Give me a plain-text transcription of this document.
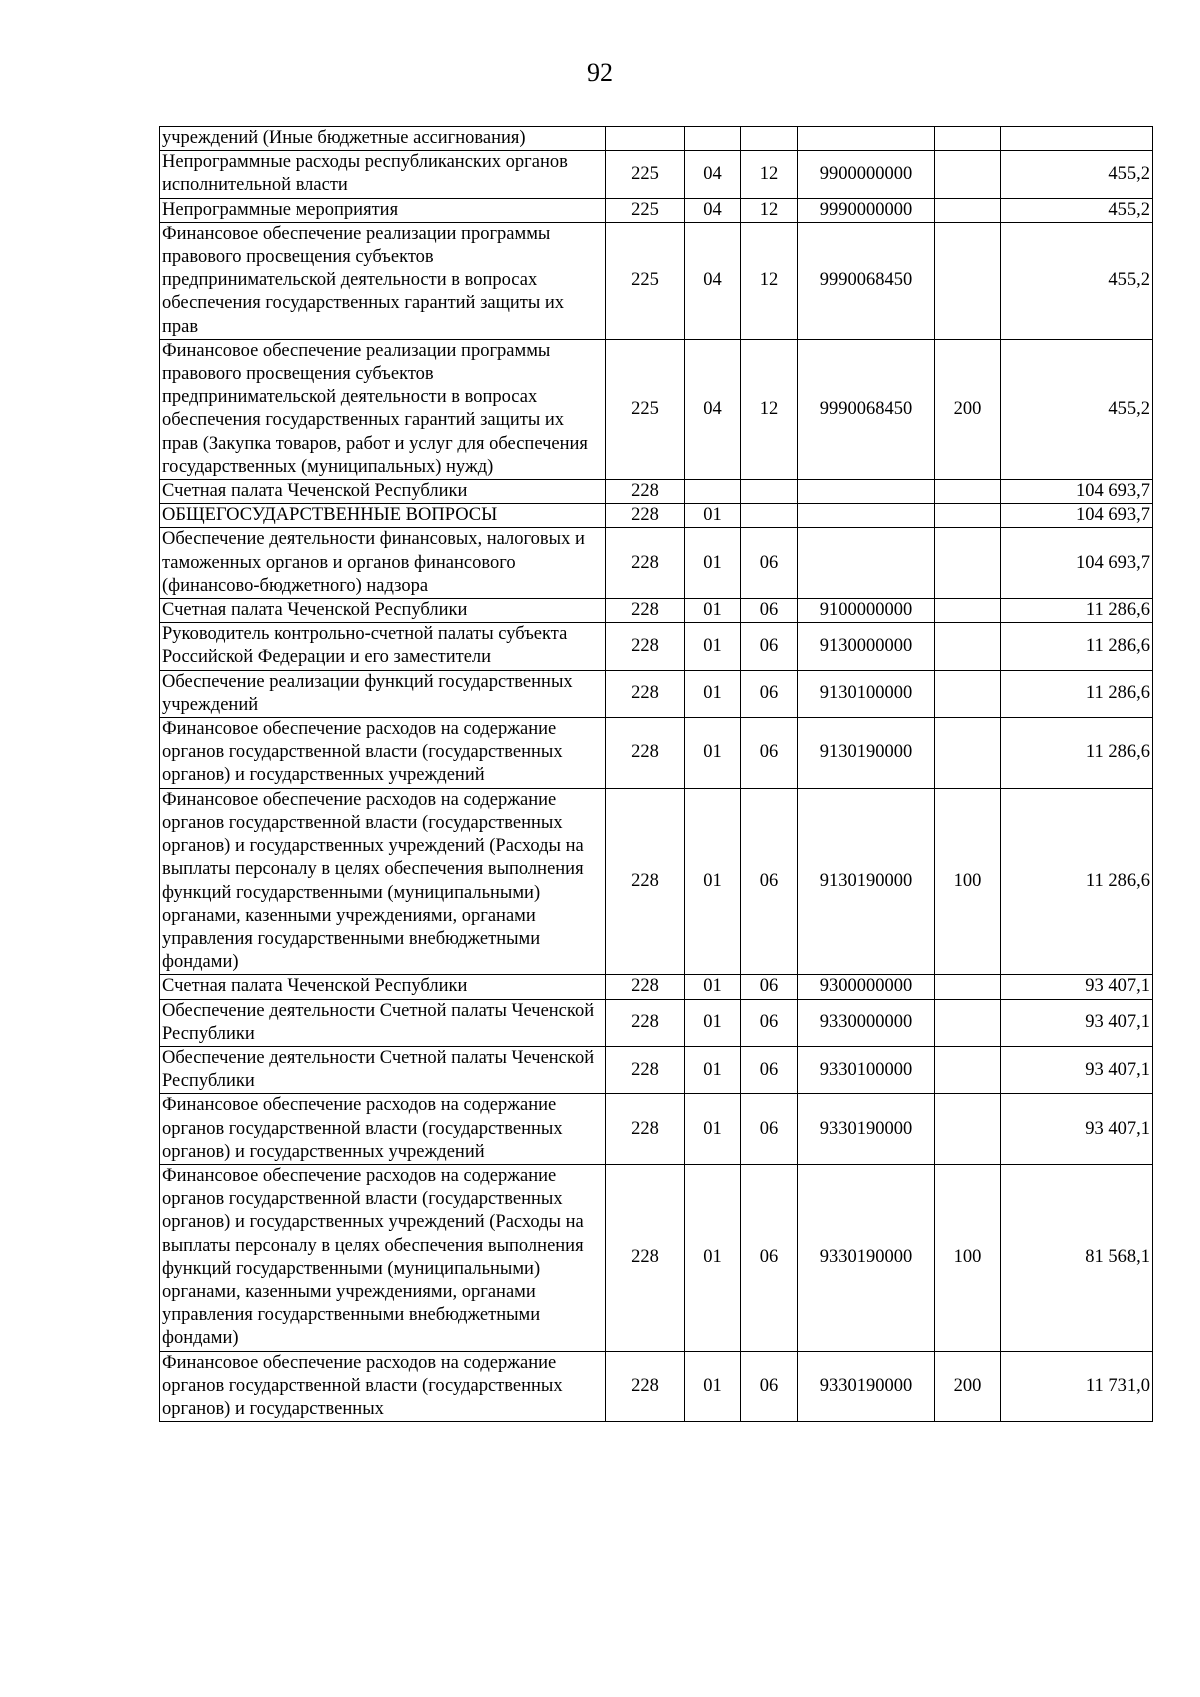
92
учреждений (Иные бюджетные ассигнования)						
Непрограммные расходы республиканских органов исполнительной власти	225	04	12	9900000000		455,2
Непрограммные мероприятия	225	04	12	9990000000		455,2
Финансовое обеспечение реализации программы правового просвещения субъектов предпринимательской деятельности в вопросах обеспечения государственных гарантий защиты их прав	225	04	12	9990068450		455,2
Финансовое обеспечение реализации программы правового просвещения субъектов предпринимательской деятельности в вопросах обеспечения государственных гарантий защиты их прав (Закупка товаров, работ и услуг для обеспечения государственных (муниципальных) нужд)	225	04	12	9990068450	200	455,2
Счетная палата Чеченской Республики	228					104 693,7
ОБЩЕГОСУДАРСТВЕННЫЕ ВОПРОСЫ	228	01				104 693,7
Обеспечение деятельности финансовых, налоговых и таможенных органов и органов финансового (финансово-бюджетного) надзора	228	01	06			104 693,7
Счетная палата Чеченской Республики	228	01	06	9100000000		11 286,6
Руководитель контрольно-счетной палаты субъекта Российской Федерации и его заместители	228	01	06	9130000000		11 286,6
Обеспечение реализации функций государственных учреждений	228	01	06	9130100000		11 286,6
Финансовое обеспечение расходов на содержание органов государственной власти (государственных органов) и государственных учреждений	228	01	06	9130190000		11 286,6
Финансовое обеспечение расходов на содержание органов государственной власти (государственных органов) и государственных учреждений (Расходы на выплаты персоналу в целях обеспечения выполнения функций государственными (муниципальными) органами, казенными учреждениями, органами управления государственными внебюджетными фондами)	228	01	06	9130190000	100	11 286,6
Счетная палата Чеченской Республики	228	01	06	9300000000		93 407,1
Обеспечение деятельности Счетной палаты Чеченской Республики	228	01	06	9330000000		93 407,1
Обеспечение деятельности Счетной палаты Чеченской Республики	228	01	06	9330100000		93 407,1
Финансовое обеспечение расходов на содержание органов государственной власти (государственных органов) и государственных учреждений	228	01	06	9330190000		93 407,1
Финансовое обеспечение расходов на содержание органов государственной власти (государственных органов) и государственных учреждений (Расходы на выплаты персоналу в целях обеспечения выполнения функций государственными (муниципальными) органами, казенными учреждениями, органами управления государственными внебюджетными фондами)	228	01	06	9330190000	100	81 568,1
Финансовое обеспечение расходов на содержание органов государственной власти (государственных органов) и государственных	228	01	06	9330190000	200	11 731,0
